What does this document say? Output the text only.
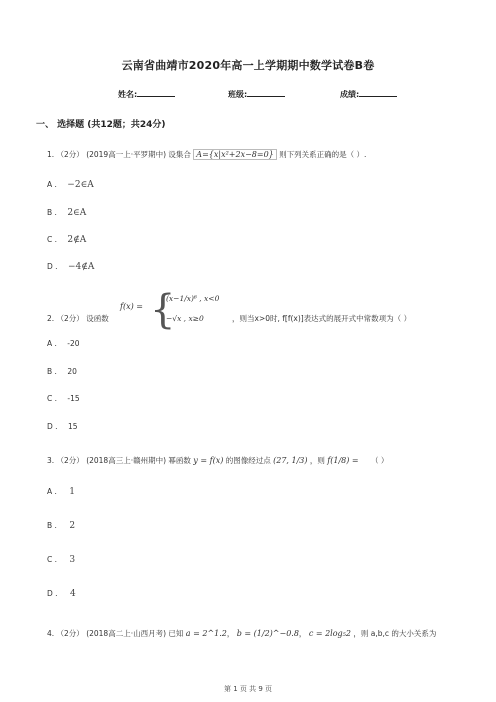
云南省曲靖市2020年高一上学期期中数学试卷B卷
姓名:	班级:	成绩:
一、 选择题 (共12题；共24分)
1. （2分） (2019高一上·平罗期中) 设集合 A={x|x²+2x−8=0} 则下列关系正确的是（ ）.
A . −2∈A
B . 2∈A
C . 2∉A
D . −4∉A
f(x) = {
(x−1/x)⁶ , x<0
−√x , x≥0
2. （2分） 设函数	，则当x>0时, f[f(x)]表达式的展开式中常数项为（ ）
A . -20
B . 20
C . -15
D . 15
3. （2分） (2018高三上·赣州期中) 幂函数 y = f(x) 的图像经过点 (27, 1/3) ，则 f(1/8) = （ ）
A . 1
B . 2
C . 3
D . 4
4. （2分） (2018高二上·山西月考) 已知 a = 2^1.2， b = (1/2)^−0.8， c = 2log₅2 ，则 a,b,c 的大小关系为
第 1 页 共 9 页
